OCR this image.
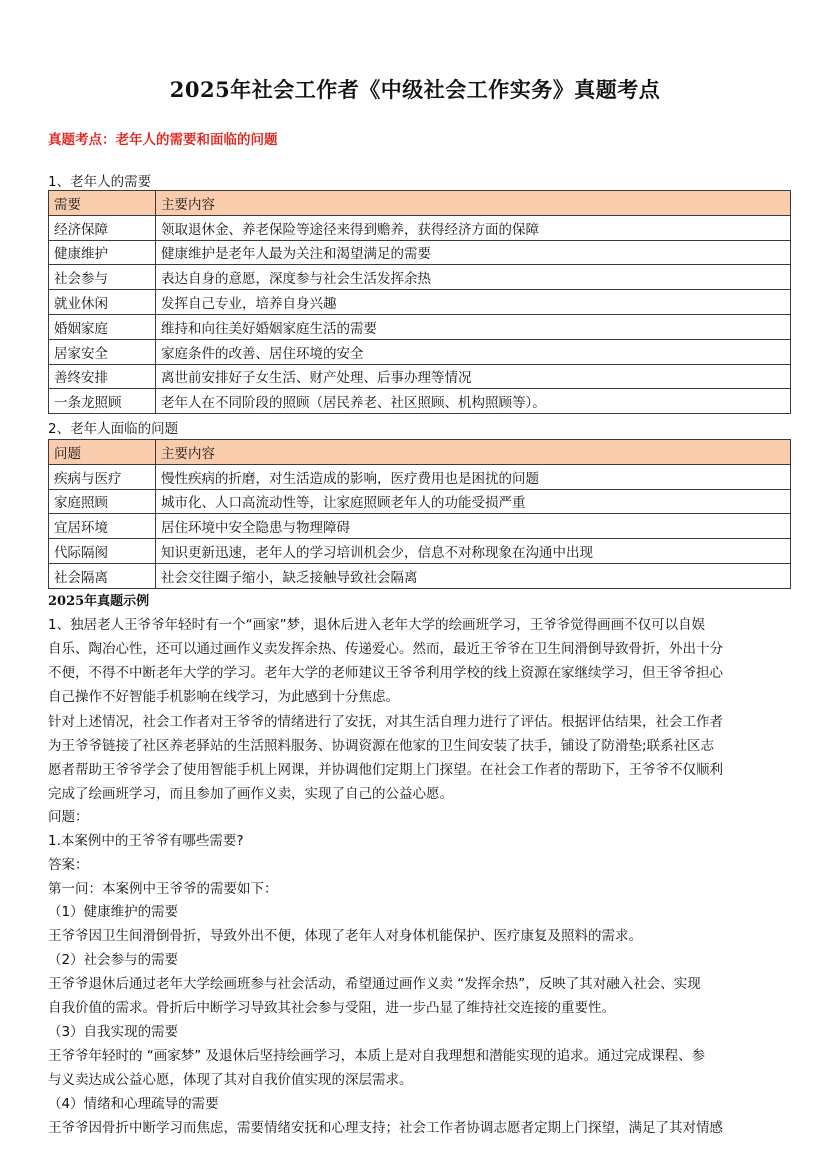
2025年社会工作者《中级社会工作实务》真题考点
真题考点：老年人的需要和面临的问题
1、老年人的需要
需要	主要内容
经济保障	领取退休金、养老保险等途径来得到赡养，获得经济方面的保障
健康维护	健康维护是老年人最为关注和渴望满足的需要
社会参与	表达自身的意愿，深度参与社会生活发挥余热
就业休闲	发挥自己专业，培养自身兴趣
婚姻家庭	维持和向往美好婚姻家庭生活的需要
居家安全	家庭条件的改善、居住环境的安全
善终安排	离世前安排好子女生活、财产处理、后事办理等情况
一条龙照顾	老年人在不同阶段的照顾（居民养老、社区照顾、机构照顾等）。
2、老年人面临的问题
问题	主要内容
疾病与医疗	慢性疾病的折磨，对生活造成的影响，医疗费用也是困扰的问题
家庭照顾	城市化、人口高流动性等，让家庭照顾老年人的功能受损严重
宜居环境	居住环境中安全隐患与物理障碍
代际隔阂	知识更新迅速，老年人的学习培训机会少，信息不对称现象在沟通中出现
社会隔离	社会交往圈子缩小，缺乏接触导致社会隔离
2025年真题示例
1、独居老人王爷爷年轻时有一个“画家”梦，退休后进入老年大学的绘画班学习，王爷爷觉得画画不仅可以自娱
自乐、陶冶心性，还可以通过画作义卖发挥余热、传递爱心。然而，最近王爷爷在卫生间滑倒导致骨折，外出十分
不便，不得不中断老年大学的学习。老年大学的老师建议王爷爷利用学校的线上资源在家继续学习，但王爷爷担心
自己操作不好智能手机影响在线学习，为此感到十分焦虑。
针对上述情况，社会工作者对王爷爷的情绪进行了安抚，对其生活自理力进行了评估。根据评估结果，社会工作者
为王爷爷链接了社区养老驿站的生活照料服务、协调资源在他家的卫生间安装了扶手，铺设了防滑垫;联系社区志
愿者帮助王爷爷学会了使用智能手机上网课，并协调他们定期上门探望。在社会工作者的帮助下，王爷爷不仅顺利
完成了绘画班学习，而且参加了画作义卖，实现了自己的公益心愿。
问题：
1.本案例中的王爷爷有哪些需要?
答案：
第一问：本案例中王爷爷的需要如下：
（1）健康维护的需要
王爷爷因卫生间滑倒骨折，导致外出不便，体现了老年人对身体机能保护、医疗康复及照料的需求。
（2）社会参与的需要
王爷爷退休后通过老年大学绘画班参与社会活动，希望通过画作义卖 “发挥余热”，反映了其对融入社会、实现
自我价值的需求。骨折后中断学习导致其社会参与受阻，进一步凸显了维持社交连接的重要性。
（3）自我实现的需要
王爷爷年轻时的 “画家梦” 及退休后坚持绘画学习，本质上是对自我理想和潜能实现的追求。通过完成课程、参
与义卖达成公益心愿，体现了其对自我价值实现的深层需求。
（4）情绪和心理疏导的需要
王爷爷因骨折中断学习而焦虑，需要情绪安抚和心理支持；社会工作者协调志愿者定期上门探望，满足了其对情感
